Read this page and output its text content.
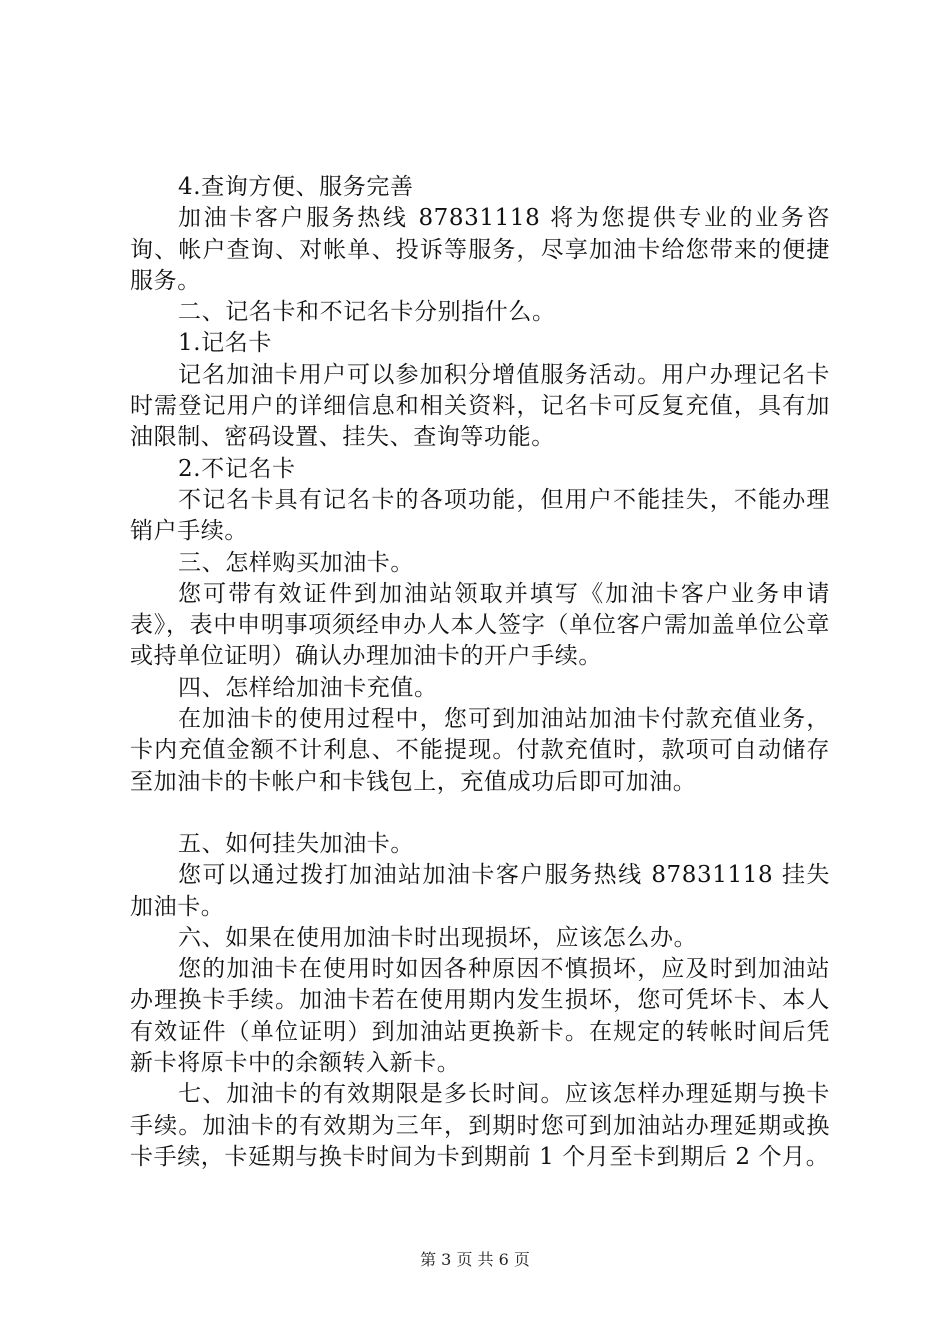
4.查询方便、服务完善

加油卡客户服务热线 87831118 将为您提供专业的业务咨询、帐户查询、对帐单、投诉等服务，尽享加油卡给您带来的便捷服务。

二、记名卡和不记名卡分别指什么。

1.记名卡

记名加油卡用户可以参加积分增值服务活动。用户办理记名卡时需登记用户的详细信息和相关资料，记名卡可反复充值，具有加油限制、密码设置、挂失、查询等功能。

2.不记名卡

不记名卡具有记名卡的各项功能，但用户不能挂失，不能办理销户手续。

三、怎样购买加油卡。

您可带有效证件到加油站领取并填写《加油卡客户业务申请表》，表中申明事项须经申办人本人签字（单位客户需加盖单位公章或持单位证明）确认办理加油卡的开户手续。

四、怎样给加油卡充值。

在加油卡的使用过程中，您可到加油站加油卡付款充值业务，卡内充值金额不计利息、不能提现。付款充值时，款项可自动储存至加油卡的卡帐户和卡钱包上，充值成功后即可加油。

五、如何挂失加油卡。

您可以通过拨打加油站加油卡客户服务热线 87831118 挂失加油卡。

六、如果在使用加油卡时出现损坏，应该怎么办。

您的加油卡在使用时如因各种原因不慎损坏，应及时到加油站办理换卡手续。加油卡若在使用期内发生损坏，您可凭坏卡、本人有效证件（单位证明）到加油站更换新卡。在规定的转帐时间后凭新卡将原卡中的余额转入新卡。

七、加油卡的有效期限是多长时间。应该怎样办理延期与换卡手续。加油卡的有效期为三年，到期时您可到加油站办理延期或换卡手续，卡延期与换卡时间为卡到期前 1 个月至卡到期后 2 个月。

第 3 页 共 6 页
